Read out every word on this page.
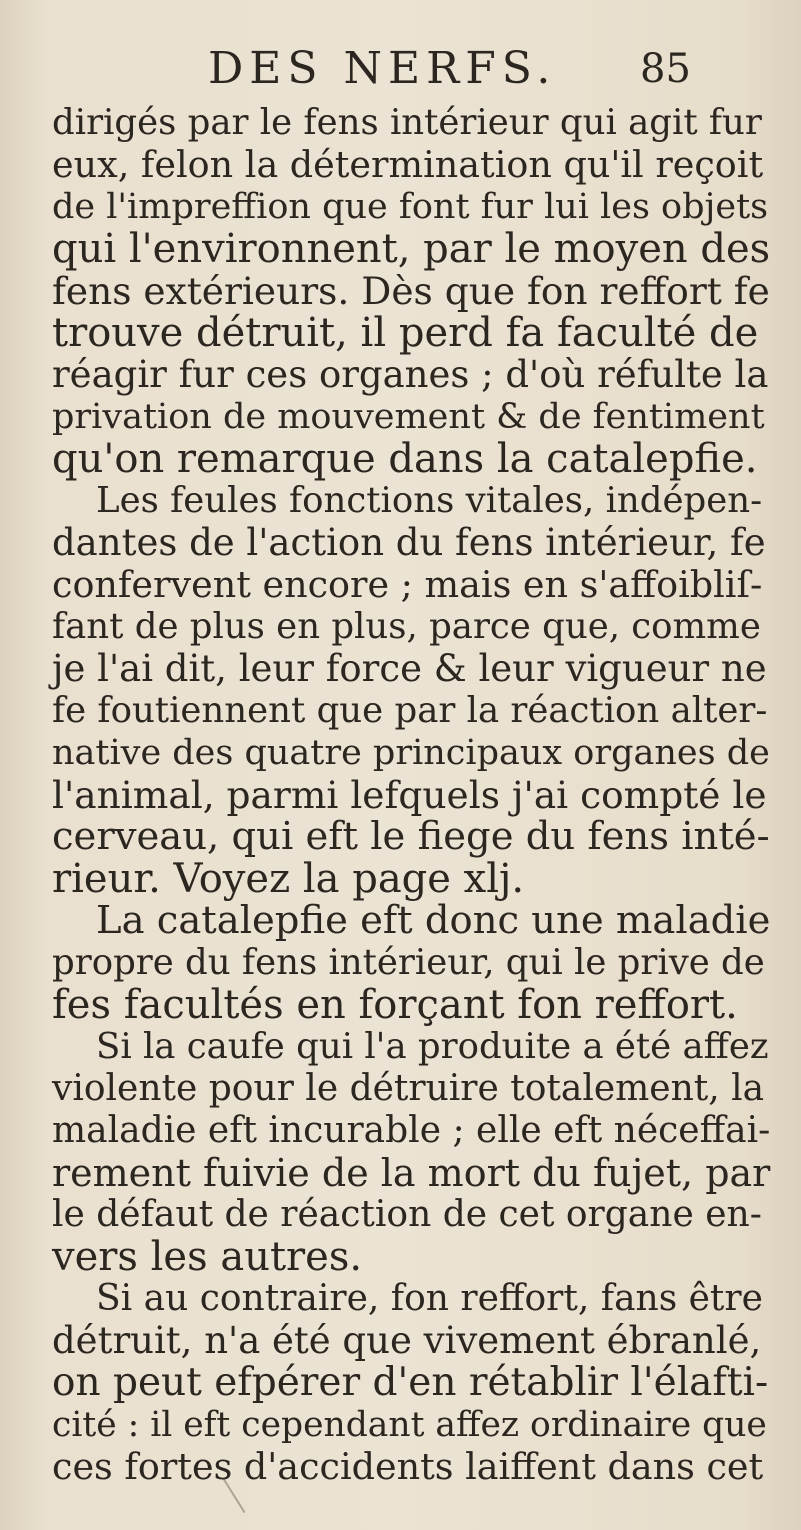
DES NERFS. 85
dirigés par le fens intérieur qui agit fur
eux, felon la détermination qu'il reçoit
de l'impreffion que font fur lui les objets
qui l'environnent, par le moyen des
fens extérieurs. Dès que fon reffort fe
trouve détruit, il perd fa faculté de
réagir fur ces organes ; d'où réfulte la
privation de mouvement & de fentiment
qu'on remarque dans la catalepfie.
Les feules fonctions vitales, indépen-
dantes de l'action du fens intérieur, fe
confervent encore ; mais en s'affoibliſ-
fant de plus en plus, parce que, comme
je l'ai dit, leur force & leur vigueur ne
fe foutiennent que par la réaction alter-
native des quatre principaux organes de
l'animal, parmi lefquels j'ai compté le
cerveau, qui eft le fiege du fens inté-
rieur. Voyez la page xlj.
La catalepfie eft donc une maladie
propre du fens intérieur, qui le prive de
fes facultés en forçant fon reffort.
Si la caufe qui l'a produite a été affez
violente pour le détruire totalement, la
maladie eft incurable ; elle eft néceffai-
rement fuivie de la mort du fujet, par
le défaut de réaction de cet organe en-
vers les autres.
Si au contraire, fon reffort, fans être
détruit, n'a été que vivement ébranlé,
on peut efpérer d'en rétablir l'élafti-
cité : il eft cependant affez ordinaire que
ces fortes d'accidents laiffent dans cet
